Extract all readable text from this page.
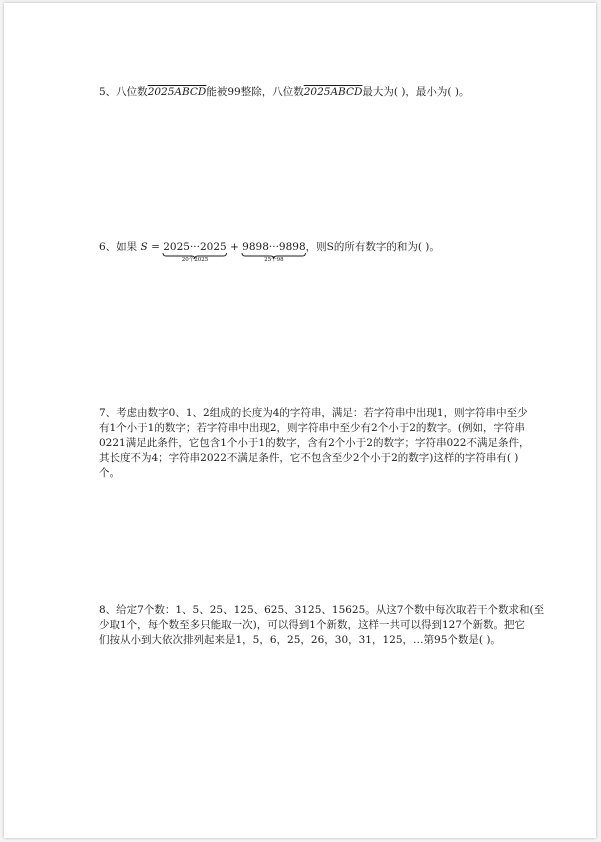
5、八位数2025ABCD能被99整除，八位数2025ABCD最大为( )，最小为( )。
6、如果 S = 2025···2025
20个2025
+ 9898···9898
25个98
，则S的所有数字的和为( )。
7、考虑由数字0、1、2组成的长度为4的字符串，满足：若字符串中出现1，则字符串中至少
有1个小于1的数字；若字符串中出现2，则字符串中至少有2个小于2的数字。(例如，字符串
0221满足此条件，它包含1个小于1的数字，含有2个小于2的数字；字符串022不满足条件，
其长度不为4；字符串2022不满足条件，它不包含至少2个小于2的数字)这样的字符串有( )
个。
8、给定7个数：1、5、25、125、625、3125、15625。从这7个数中每次取若干个数求和(至
少取1个，每个数至多只能取一次)，可以得到1个新数，这样一共可以得到127个新数。把它
们按从小到大依次排列起来是1，5，6，25，26，30，31，125，…第95个数是( )。
